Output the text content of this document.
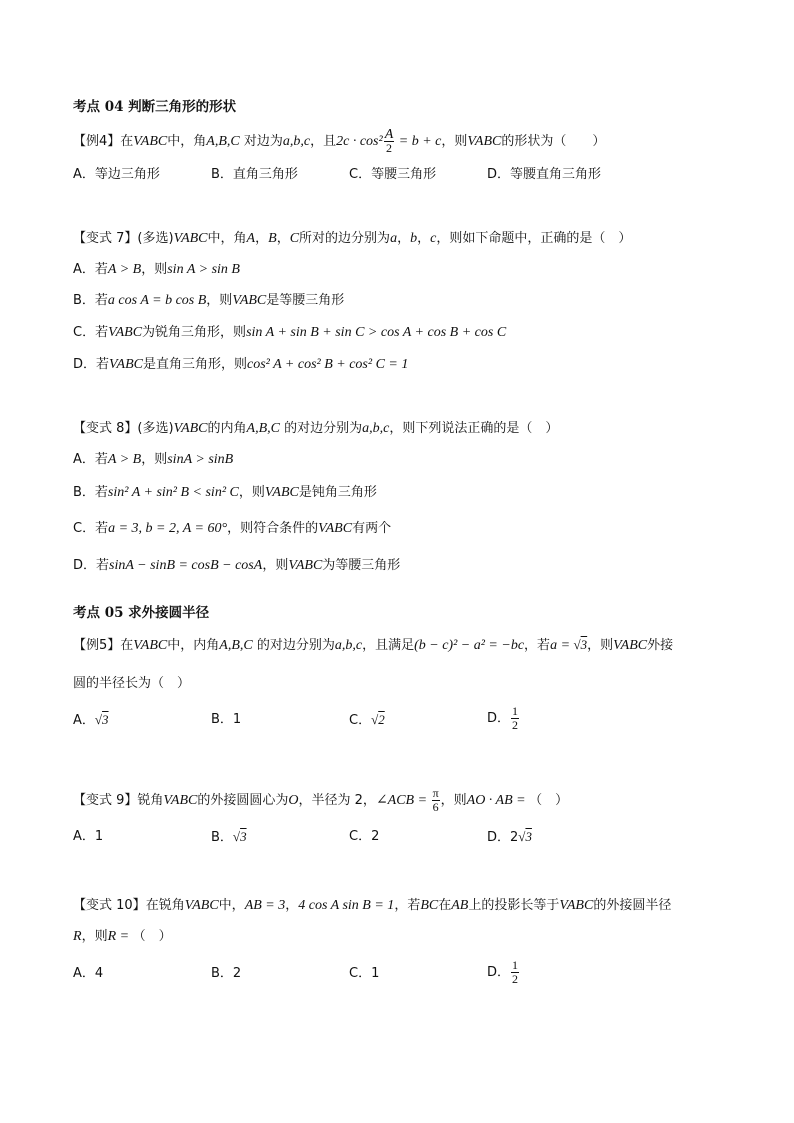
考点 04 判断三角形的形状
【例4】在VABC中，角A,B,C 对边为a,b,c，且$2c \cdot \cos^2 \frac{A}{2} = b + c$，则VABC的形状为（　　）
A．等边三角形	B．直角三角形	C．等腰三角形	D．等腰直角三角形
【变式 7】(多选)VABC中，角A，B，C所对的边分别为a，b，c，则如下命题中，正确的是（　）
A．若A > B，则sin A > sin B
B．若a cos A = b cos B，则VABC是等腰三角形
C．若VABC为锐角三角形，则sin A + sin B + sin C > cos A + cos B + cos C
D．若VABC是直角三角形，则cos² A + cos² B + cos² C = 1
【变式 8】(多选)VABC的内角A,B,C 的对边分别为a,b,c，则下列说法正确的是（　）
A．若A > B，则sinA > sinB
B．若sin² A + sin² B < sin² C，则VABC是钝角三角形
C．若a = 3, b = 2, A = 60°，则符合条件的VABC有两个
D．若sinA − sinB = cosB − cosA，则VABC为等腰三角形
考点 05 求外接圆半径
【例5】在VABC中，内角A,B,C 的对边分别为a,b,c，且满足(b − c)² − a² = −bc，若a = √3，则VABC外接
圆的半径长为（　）
A．√3	B．1	C．√2	D． $\frac{1}{2}$
【变式 9】锐角VABC的外接圆圆心为O，半径为 2，∠ACB = $\frac{\pi}{6}$ ，则AO · AB = （　）
A．1	B．√3	C．2	D．2√3
【变式 10】在锐角VABC中，AB = 3，4 cos A sin B = 1，若BC在AB上的投影长等于VABC的外接圆半径
R，则R = （　）
A．4	B．2	C．1	D． $\frac{1}{2}$
